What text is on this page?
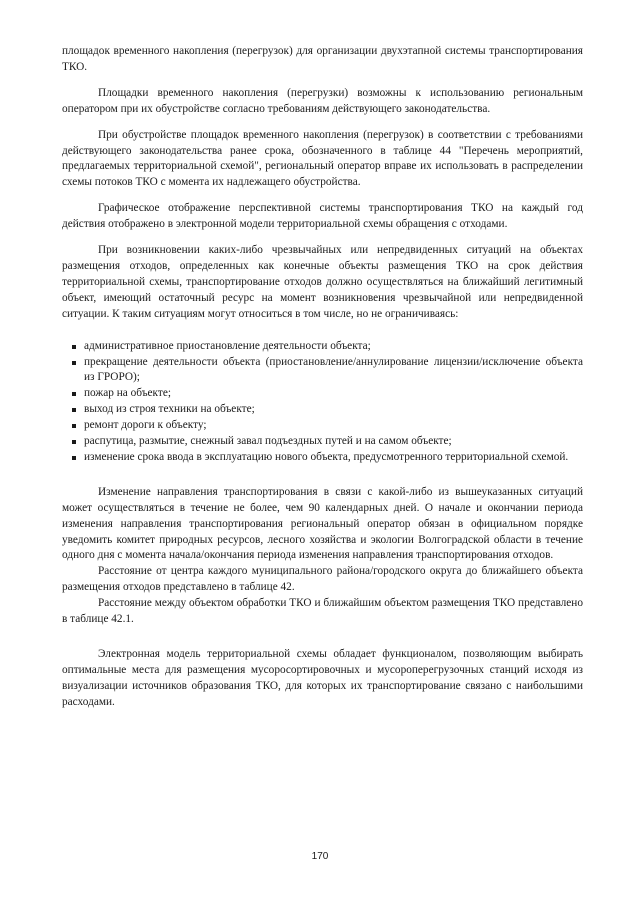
площадок временного накопления (перегрузок) для организации двухэтапной системы транспортирования ТКО.

Площадки временного накопления (перегрузки) возможны к использованию региональным оператором при их обустройстве согласно требованиям действующего законодательства.

При обустройстве площадок временного накопления (перегрузок) в соответствии с требованиями действующего законодательства ранее срока, обозначенного в таблице 44 "Перечень мероприятий, предлагаемых территориальной схемой", региональный оператор вправе их использовать в распределении схемы потоков ТКО с момента их надлежащего обустройства.

Графическое отображение перспективной системы транспортирования ТКО на каждый год действия отображено в электронной модели территориальной схемы обращения с отходами.

При возникновении каких-либо чрезвычайных или непредвиденных ситуаций на объектах размещения отходов, определенных как конечные объекты размещения ТКО на срок действия территориальной схемы, транспортирование отходов должно осуществляться на ближайший легитимный объект, имеющий остаточный ресурс на момент возникновения чрезвычайной или непредвиденной ситуации. К таким ситуациям могут относиться в том числе, но не ограничиваясь:

административное приостановление деятельности объекта;
прекращение деятельности объекта (приостановление/аннулирование лицензии/исключение объекта из ГРОРО);
пожар на объекте;
выход из строя техники на объекте;
ремонт дороги к объекту;
распутица, размытие, снежный завал подъездных путей и на самом объекте;
изменение срока ввода в эксплуатацию нового объекта, предусмотренного территориальной схемой.

Изменение направления транспортирования в связи с какой-либо из вышеуказанных ситуаций может осуществляться в течение не более, чем 90 календарных дней. О начале и окончании периода изменения направления транспортирования региональный оператор обязан в официальном порядке уведомить комитет природных ресурсов, лесного хозяйства и экологии Волгоградской области в течение одного дня с момента начала/окончания периода изменения направления транспортирования отходов.

Расстояние от центра каждого муниципального района/городского округа до ближайшего объекта размещения отходов представлено в таблице 42.

Расстояние между объектом обработки ТКО и ближайшим объектом размещения ТКО представлено в таблице 42.1.

Электронная модель территориальной схемы обладает функционалом, позволяющим выбирать оптимальные места для размещения мусоросортировочных и мусороперегрузочных станций исходя из визуализации источников образования ТКО, для которых их транспортирование связано с наибольшими расходами.

170
